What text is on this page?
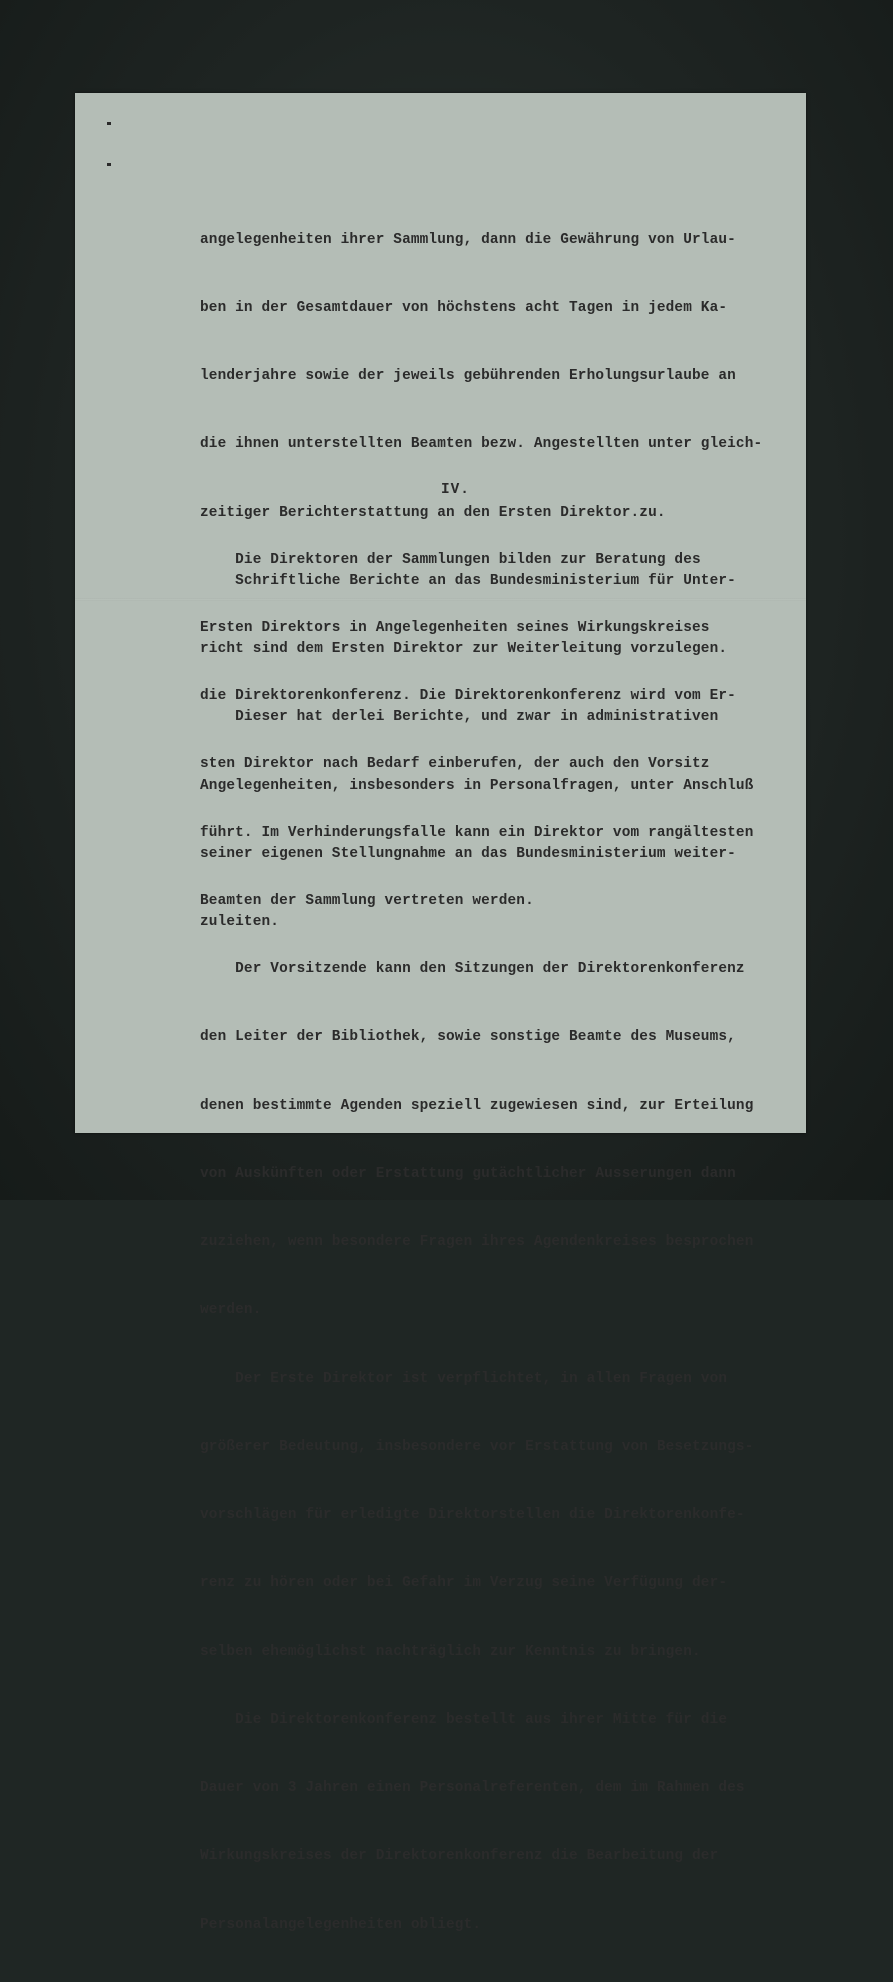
angelegenheiten ihrer Sammlung, dann die Gewährung von Urlau-

ben in der Gesamtdauer von höchstens acht Tagen in jedem Ka-

lenderjahre sowie der jeweils gebührenden Erholungsurlaube an

die ihnen unterstellten Beamten bezw. Angestellten unter gleich-

zeitiger Berichterstattung an den Ersten Direktor.zu.

Schriftliche Berichte an das Bundesministerium für Unter-

richt sind dem Ersten Direktor zur Weiterleitung vorzulegen.

Dieser hat derlei Berichte, und zwar in administrativen

Angelegenheiten, insbesonders in Personalfragen, unter Anschluß

seiner eigenen Stellungnahme an das Bundesministerium weiter-

zuleiten.

IV.

Die Direktoren der Sammlungen bilden zur Beratung des

Ersten Direktors in Angelegenheiten seines Wirkungskreises

die Direktorenkonferenz. Die Direktorenkonferenz wird vom Er-

sten Direktor nach Bedarf einberufen, der auch den Vorsitz

führt. Im Verhinderungsfalle kann ein Direktor vom rangältesten

Beamten der Sammlung vertreten werden.

Der Vorsitzende kann den Sitzungen der Direktorenkonferenz

den Leiter der Bibliothek, sowie sonstige Beamte des Museums,

denen bestimmte Agenden speziell zugewiesen sind, zur Erteilung

von Auskünften oder Erstattung gutächtlicher Ausserungen dann

zuziehen, wenn besondere Fragen ihres Agendenkreises besprochen

werden.

Der Erste Direktor ist verpflichtet, in allen Fragen von

größerer Bedeutung, insbesondere vor Erstattung von Besetzungs-

vorschlägen für erledigte Direktorstellen die Direktorenkonfe-

renz zu hören oder bei Gefahr im Verzug seine Verfügung der-

selben ehemöglichst nachträglich zur Kenntnis zu bringen.

Die Direktorenkonferenz bestellt aus ihrer Mitte für die

Dauer von 3 Jahren einen Personalreferenten, dem im Rahmen des

Wirkungskreises der Direktorenkonferenz die Bearbeitung der

Personalangelegenheiten obliegt.
